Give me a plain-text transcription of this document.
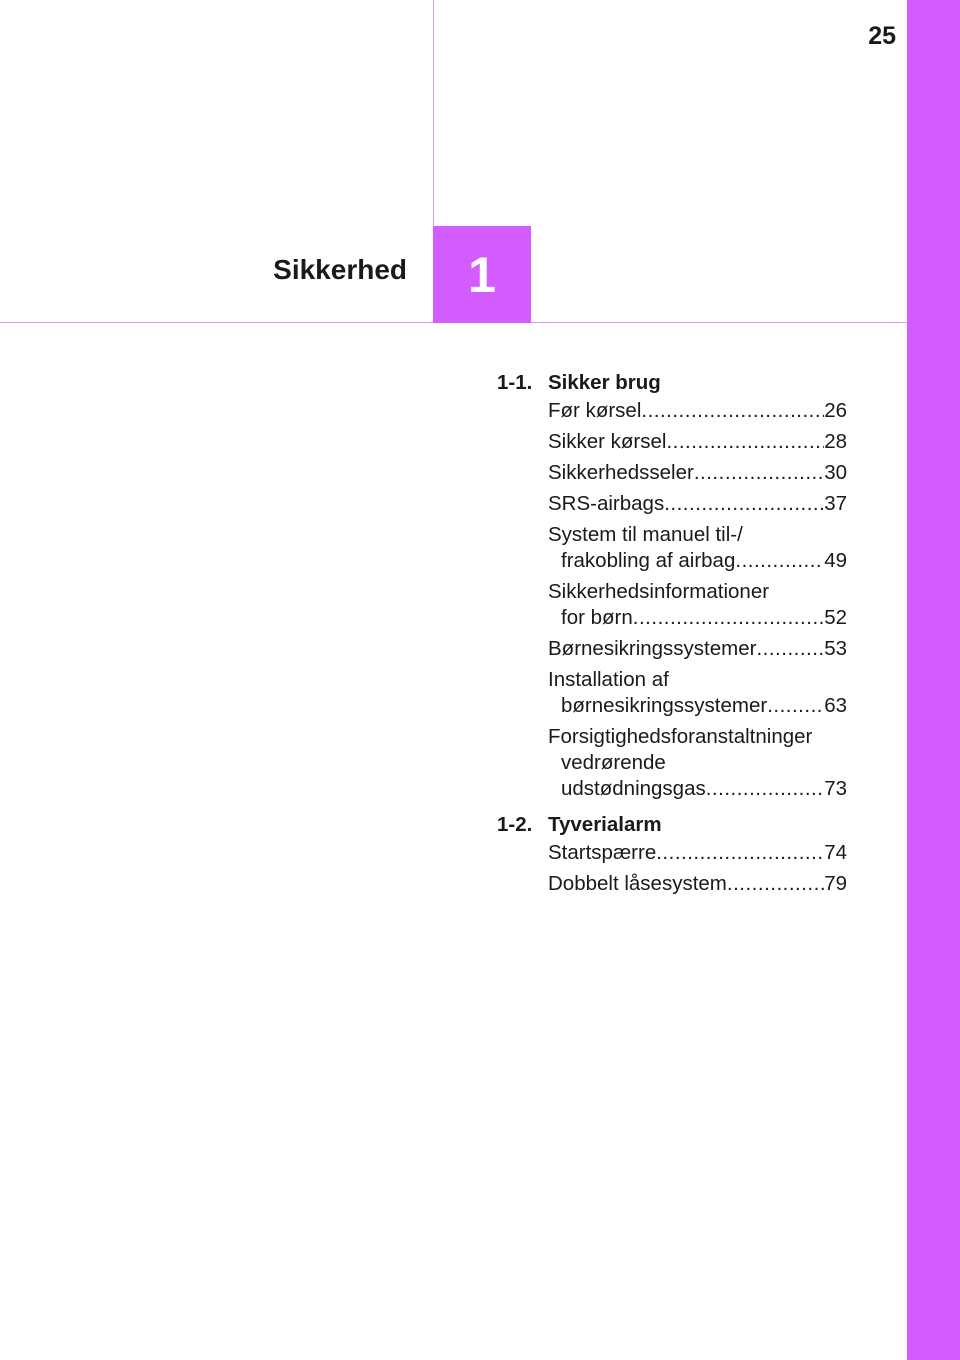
25
1
Sikkerhed
1-1. Sikker brug
Før kørsel .....	26
Sikker kørsel .....	28
Sikkerhedsseler .....	30
SRS-airbags .....	37
System til manuel til-/
frakobling af airbag .....	49
Sikkerhedsinformationer
for børn .....	52
Børnesikringssystemer .....	53
Installation af
børnesikringssystemer .....	63
Forsigtighedsforanstaltninger
vedrørende
udstødningsgas .....	73
1-2. Tyverialarm
Startspærre .....	74
Dobbelt låsesystem .....	79
